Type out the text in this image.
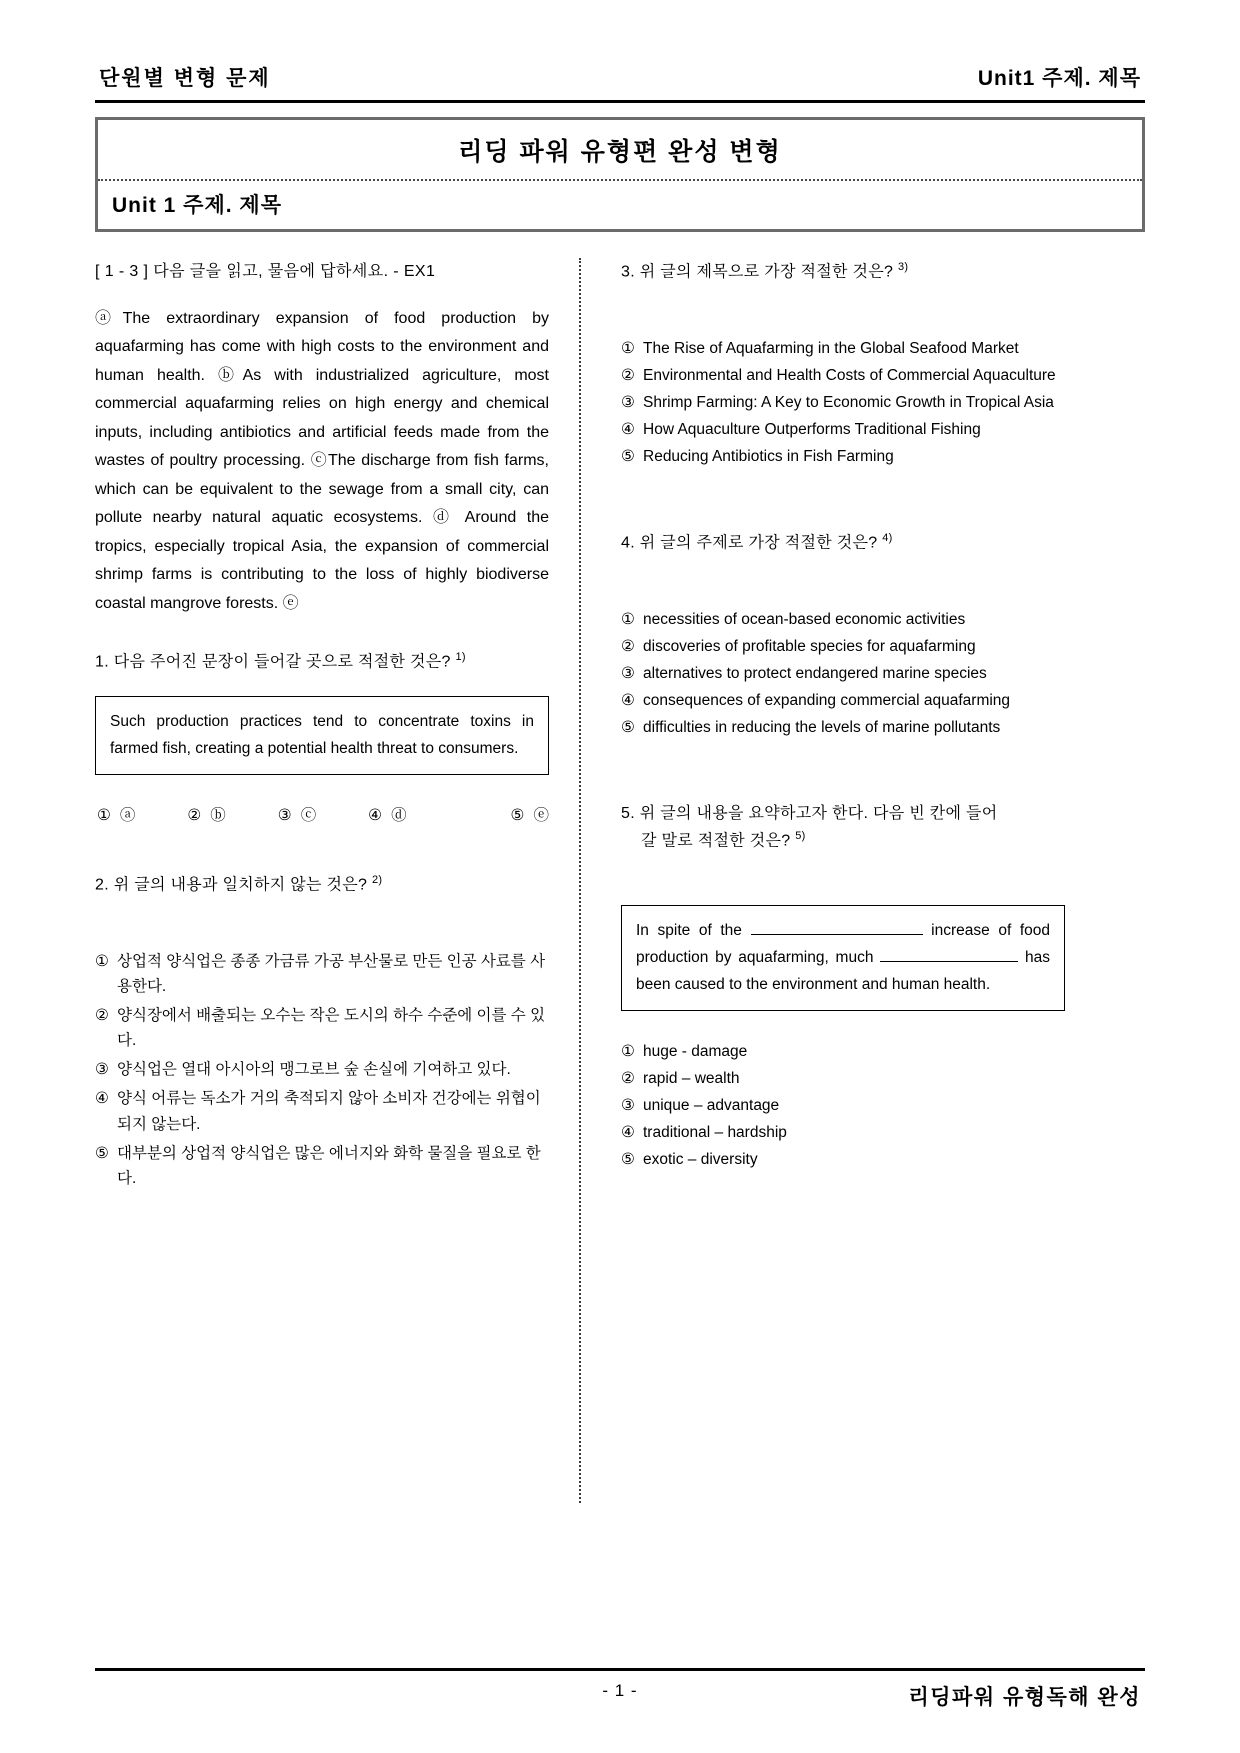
단원별 변형 문제	Unit1 주제. 제목
리딩 파워 유형편 완성 변형
Unit 1 주제. 제목
[ 1 - 3 ] 다음 글을 읽고, 물음에 답하세요. - EX1
ⓐThe extraordinary expansion of food production by aquafarming has come with high costs to the environment and human health. ⓑAs with industrialized agriculture, most commercial aquafarming relies on high energy and chemical inputs, including antibiotics and artificial feeds made from the wastes of poultry processing. ⓒThe discharge from fish farms, which can be equivalent to the sewage from a small city, can pollute nearby natural aquatic ecosystems. ⓓ Around the tropics, especially tropical Asia, the expansion of commercial shrimp farms is contributing to the loss of highly biodiverse coastal mangrove forests. ⓔ
1. 다음 주어진 문장이 들어갈 곳으로 적절한 것은? $^{1)}$
Such production practices tend to concentrate toxins in farmed fish, creating a potential health threat to consumers.
① ⓐ	② ⓑ	③ ⓒ	④ ⓓ	⑤ ⓔ
2. 위 글의 내용과 일치하지 않는 것은? $^{2)}$
① 상업적 양식업은 종종 가금류 가공 부산물로 만든 인공 사료를 사용한다.
② 양식장에서 배출되는 오수는 작은 도시의 하수 수준에 이를 수 있다.
③ 양식업은 열대 아시아의 맹그로브 숲 손실에 기여하고 있다.
④ 양식 어류는 독소가 거의 축적되지 않아 소비자 건강에는 위협이 되지 않는다.
⑤ 대부분의 상업적 양식업은 많은 에너지와 화학 물질을 필요로 한다.
3. 위 글의 제목으로 가장 적절한 것은? $^{3)}$
① The Rise of Aquafarming in the Global Seafood Market
② Environmental and Health Costs of Commercial Aquaculture
③ Shrimp Farming: A Key to Economic Growth in Tropical Asia
④ How Aquaculture Outperforms Traditional Fishing
⑤ Reducing Antibiotics in Fish Farming
4. 위 글의 주제로 가장 적절한 것은? $^{4)}$
① necessities of ocean-based economic activities
② discoveries of profitable species for aquafarming
③ alternatives to protect endangered marine species
④ consequences of expanding commercial aquafarming
⑤ difficulties in reducing the levels of marine pollutants
5. 위 글의 내용을 요약하고자 한다. 다음 빈 칸에 들어
갈 말로 적절한 것은? $^{5)}$
In spite of the	increase of food production by aquafarming, much	has been caused to the environment and human health.
① huge - damage
② rapid – wealth
③ unique – advantage
④ traditional – hardship
⑤ exotic – diversity
- 1 -	리딩파워 유형독해 완성
